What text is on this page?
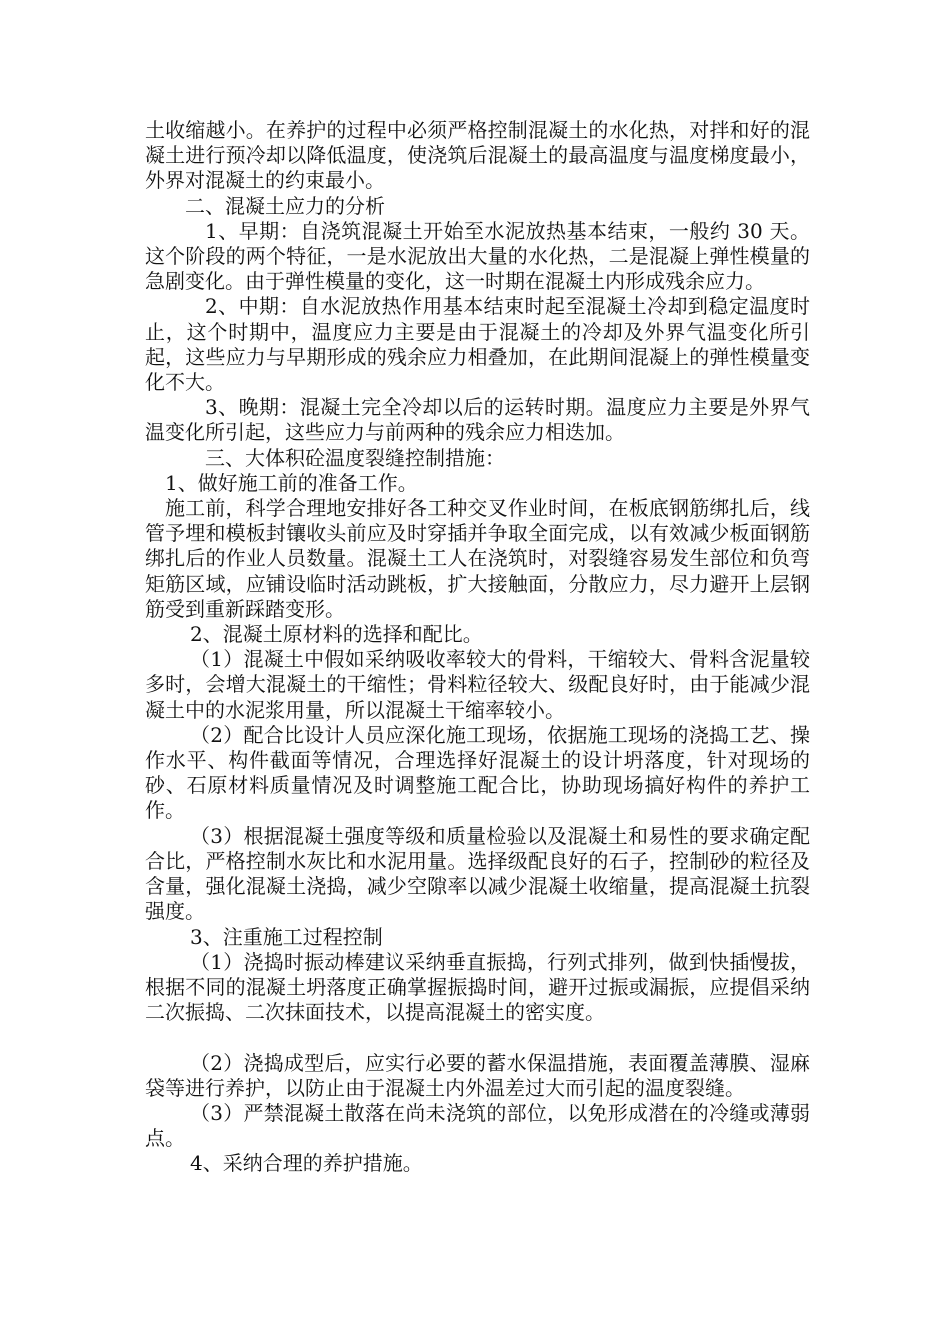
土收缩越小。在养护的过程中必须严格控制混凝土的水化热，对拌和好的混凝土进行预冷却以降低温度，使浇筑后混凝土的最高温度与温度梯度最小，外界对混凝土的约束最小。

二、混凝土应力的分析

1、早期：自浇筑混凝土开始至水泥放热基本结束，一般约 30 天。这个阶段的两个特征，一是水泥放出大量的水化热，二是混凝上弹性模量的急剧变化。由于弹性模量的变化，这一时期在混凝土内形成残余应力。

2、中期：自水泥放热作用基本结束时起至混凝土冷却到稳定温度时止，这个时期中，温度应力主要是由于混凝土的冷却及外界气温变化所引起，这些应力与早期形成的残余应力相叠加，在此期间混凝上的弹性模量变化不大。

3、晚期：混凝土完全冷却以后的运转时期。温度应力主要是外界气温变化所引起，这些应力与前两种的残余应力相迭加。

三、大体积砼温度裂缝控制措施：

1、做好施工前的准备工作。

施工前，科学合理地安排好各工种交叉作业时间，在板底钢筋绑扎后，线管予埋和模板封镶收头前应及时穿插并争取全面完成，以有效减少板面钢筋绑扎后的作业人员数量。混凝土工人在浇筑时，对裂缝容易发生部位和负弯矩筋区域，应铺设临时活动跳板，扩大接触面，分散应力，尽力避开上层钢筋受到重新踩踏变形。

2、混凝土原材料的选择和配比。

（1）混凝土中假如采纳吸收率较大的骨料，干缩较大、骨料含泥量较多时，会增大混凝土的干缩性；骨料粒径较大、级配良好时，由于能减少混凝土中的水泥浆用量，所以混凝土干缩率较小。

（2）配合比设计人员应深化施工现场，依据施工现场的浇捣工艺、操作水平、构件截面等情况，合理选择好混凝土的设计坍落度，针对现场的砂、石原材料质量情况及时调整施工配合比，协助现场搞好构件的养护工作。

（3）根据混凝土强度等级和质量检验以及混凝土和易性的要求确定配合比，严格控制水灰比和水泥用量。选择级配良好的石子，控制砂的粒径及含量，强化混凝土浇捣，减少空隙率以减少混凝土收缩量，提高混凝土抗裂强度。

3、注重施工过程控制

（1）浇捣时振动棒建议采纳垂直振捣，行列式排列，做到快插慢拔，根据不同的混凝土坍落度正确掌握振捣时间，避开过振或漏振，应提倡采纳二次振捣、二次抹面技术，以提高混凝土的密实度。

（2）浇捣成型后，应实行必要的蓄水保温措施，表面覆盖薄膜、湿麻袋等进行养护，以防止由于混凝土内外温差过大而引起的温度裂缝。

（3）严禁混凝土散落在尚未浇筑的部位，以免形成潜在的冷缝或薄弱点。

4、采纳合理的养护措施。
